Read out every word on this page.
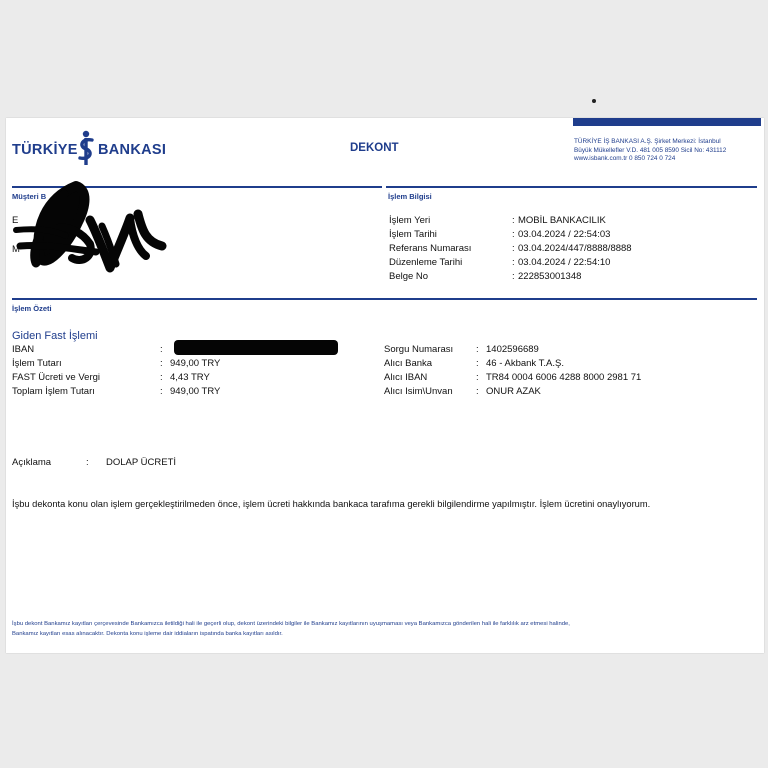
TÜRKİYE BANKASI	DEKONT
TÜRKİYE İŞ BANKASI A.Ş. Şirket Merkezi: İstanbul
Büyük Mükellefler V.D. 481 005 8590 Sicil No: 431112
www.isbank.com.tr 0 850 724 0 724
Müşteri B	İşlem Bilgisi
E
M
İşlem Yeri	: MOBİL BANKACILIK
İşlem Tarihi	: 03.04.2024 / 22:54:03
Referans Numarası	: 03.04.2024/447/8888/8888
Düzenleme Tarihi	: 03.04.2024 / 22:54:10
Belge No	: 222853001348
İşlem Özeti
Giden Fast İşlemi
IBAN	:
İşlem Tutarı	: 949,00 TRY
FAST Ücreti ve Vergi	: 4,43 TRY
Toplam İşlem Tutarı	: 949,00 TRY
Sorgu Numarası : 1402596689
Alıcı Banka	: 46 - Akbank T.A.Ş.
Alıcı IBAN	: TR84 0004 6006 4288 8000 2981 71
Alıcı Isim\Unvan : ONUR AZAK
Açıklama	: DOLAP ÜCRETİ
İşbu dekonta konu olan işlem gerçekleştirilmeden önce, işlem ücreti hakkında bankaca tarafıma gerekli bilgilendirme yapılmıştır. İşlem ücretini onaylıyorum.
İşbu dekont Bankamız kayıtları çerçevesinde Bankamızca iletildiği hali ile geçerli olup, dekont üzerindeki bilgiler ile Bankamız kayıtlarının uyuşmaması veya Bankamızca gönderilen hali ile farklılık arz etmesi halinde,
Bankamız kayıtları esas alınacaktır. Dekonta konu işleme dair iddiaların ispatında banka kayıtları asıldır.
